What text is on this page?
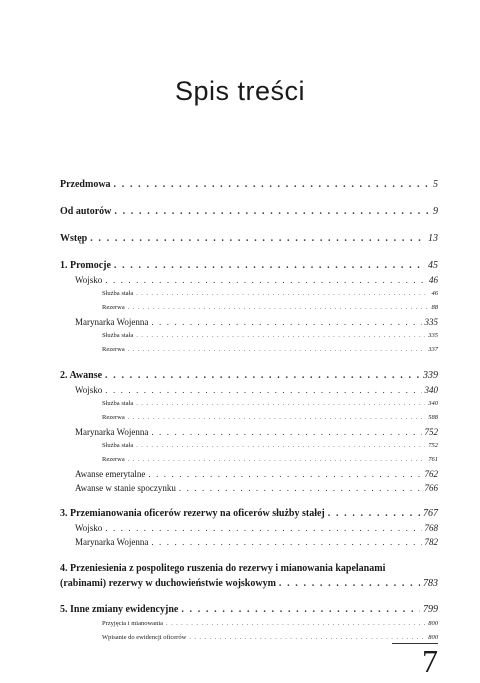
Spis treści
Przedmowa . . .	5
Od autorów . . .	9
Wstęp . . .	13
1. Promocje . . .	45
Wojsko . . .	46
Służba stała . . .	46
Rezerwa . . .	88
Marynarka Wojenna . . .	335
Służba stała . . .	335
Rezerwa . . .	337
2. Awanse . . .	339
Wojsko . . .	340
Służba stała . . .	340
Rezerwa . . .	588
Marynarka Wojenna . . .	752
Służba stała . . .	752
Rezerwa . . .	761
Awanse emerytalne . . .	762
Awanse w stanie spoczynku . . .	766
3. Przemianowania oficerów rezerwy na oficerów służby stałej . . .	767
Wojsko . . .	768
Marynarka Wojenna . . .	782
4. Przeniesienia z pospolitego ruszenia do rezerwy i mianowania kapelanami
(rabinami) rezerwy w duchowieństwie wojskowym . . .	783
5. Inne zmiany ewidencyjne . . .	799
Przyjęcia i mianowania . . .	800
Wpisanie do ewidencji oficerów . . .	800
7
